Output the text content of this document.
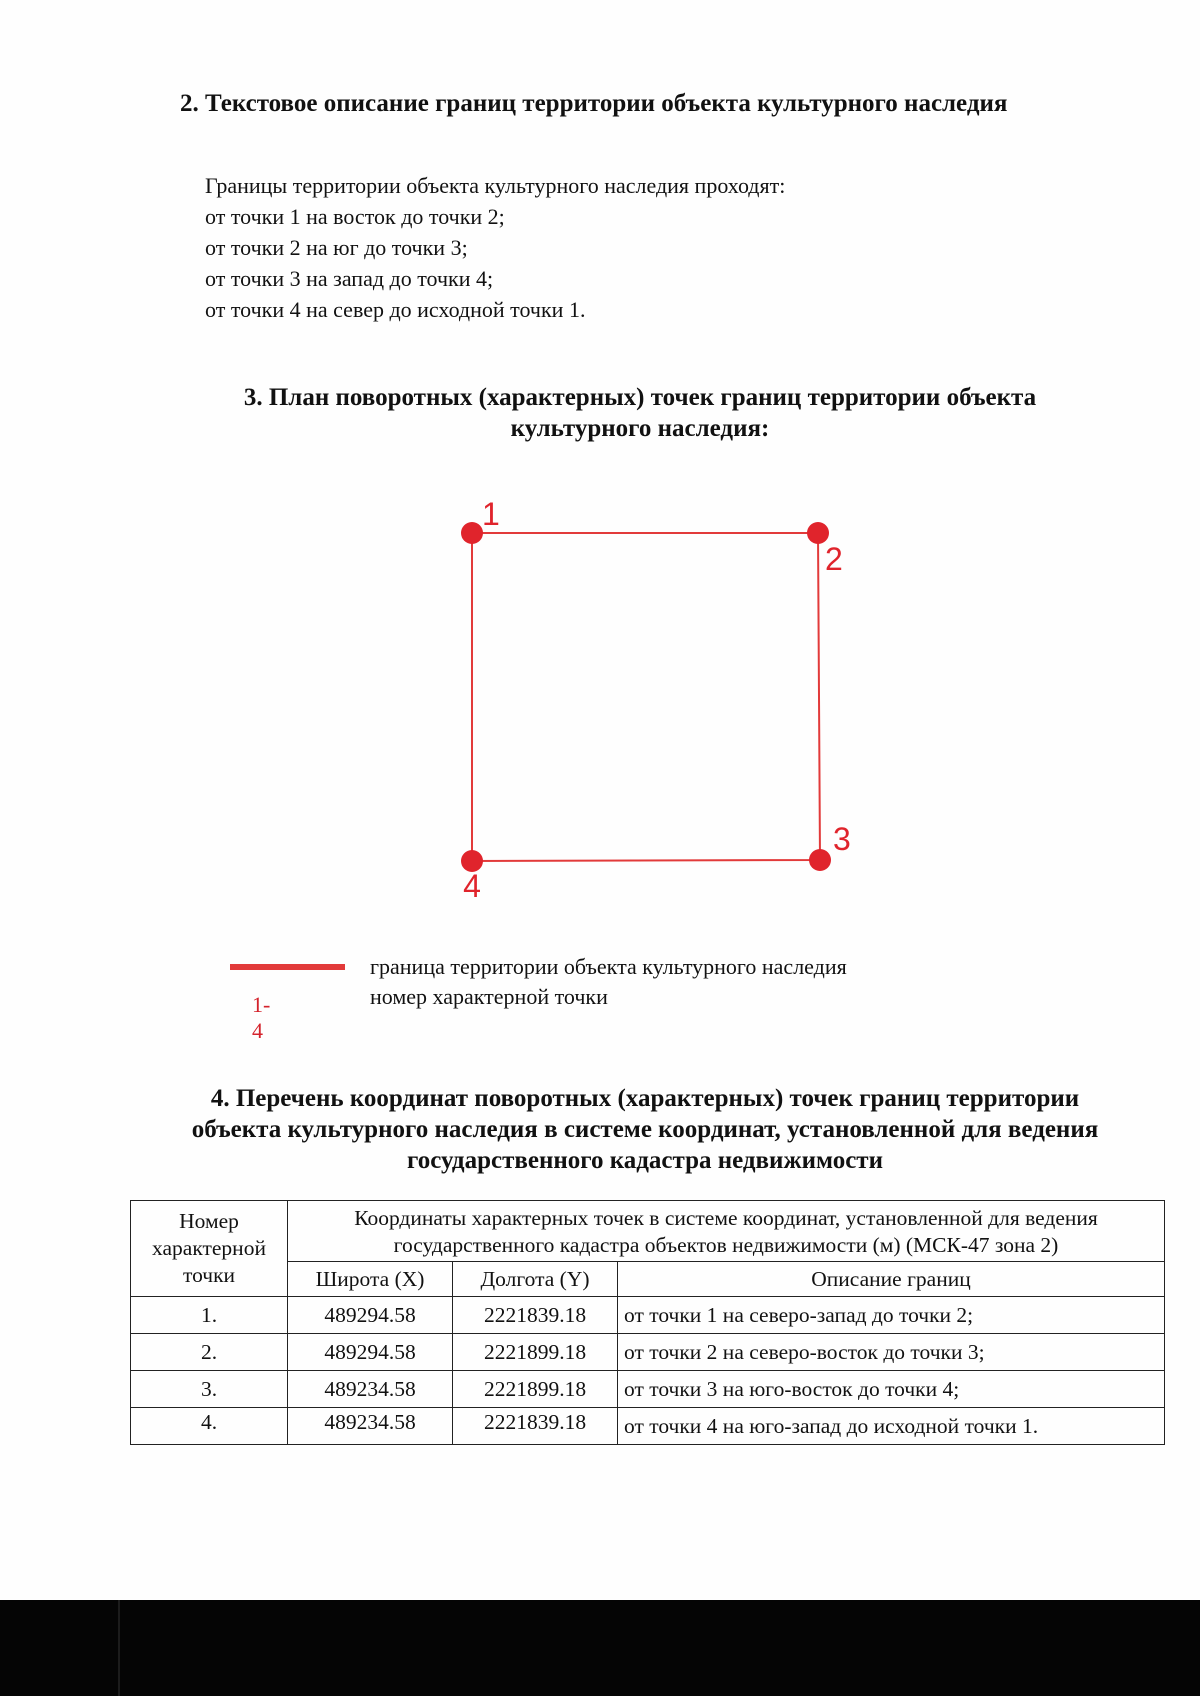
2. Текстовое описание границ территории объекта культурного наследия
Границы территории объекта культурного наследия проходят:
от точки 1 на восток до точки 2;
от точки 2 на юг до точки 3;
от точки 3 на запад до точки 4;
от точки 4 на север до исходной точки 1.
3. План поворотных (характерных) точек границ территории объекта
культурного наследия:
1
2
3
4
граница территории объекта культурного наследия
1-4
номер характерной точки
4. Перечень координат поворотных (характерных) точек границ территории
объекта культурного наследия в системе координат, установленной для ведения
государственного кадастра недвижимости
Номер характерной точки	Координаты характерных точек в системе координат, установленной для ведения государственного кадастра объектов недвижимости (м) (МСК-47 зона 2)		
	Широта (X)	Долгота (Y)	Описание границ
1.	489294.58	2221839.18	от точки 1 на северо-запад до точки 2;
2.	489294.58	2221899.18	от точки 2 на северо-восток до точки 3;
3.	489234.58	2221899.18	от точки 3 на юго-восток до точки 4;
4.	489234.58	2221839.18	от точки 4 на юго-запад до исходной точки 1.
